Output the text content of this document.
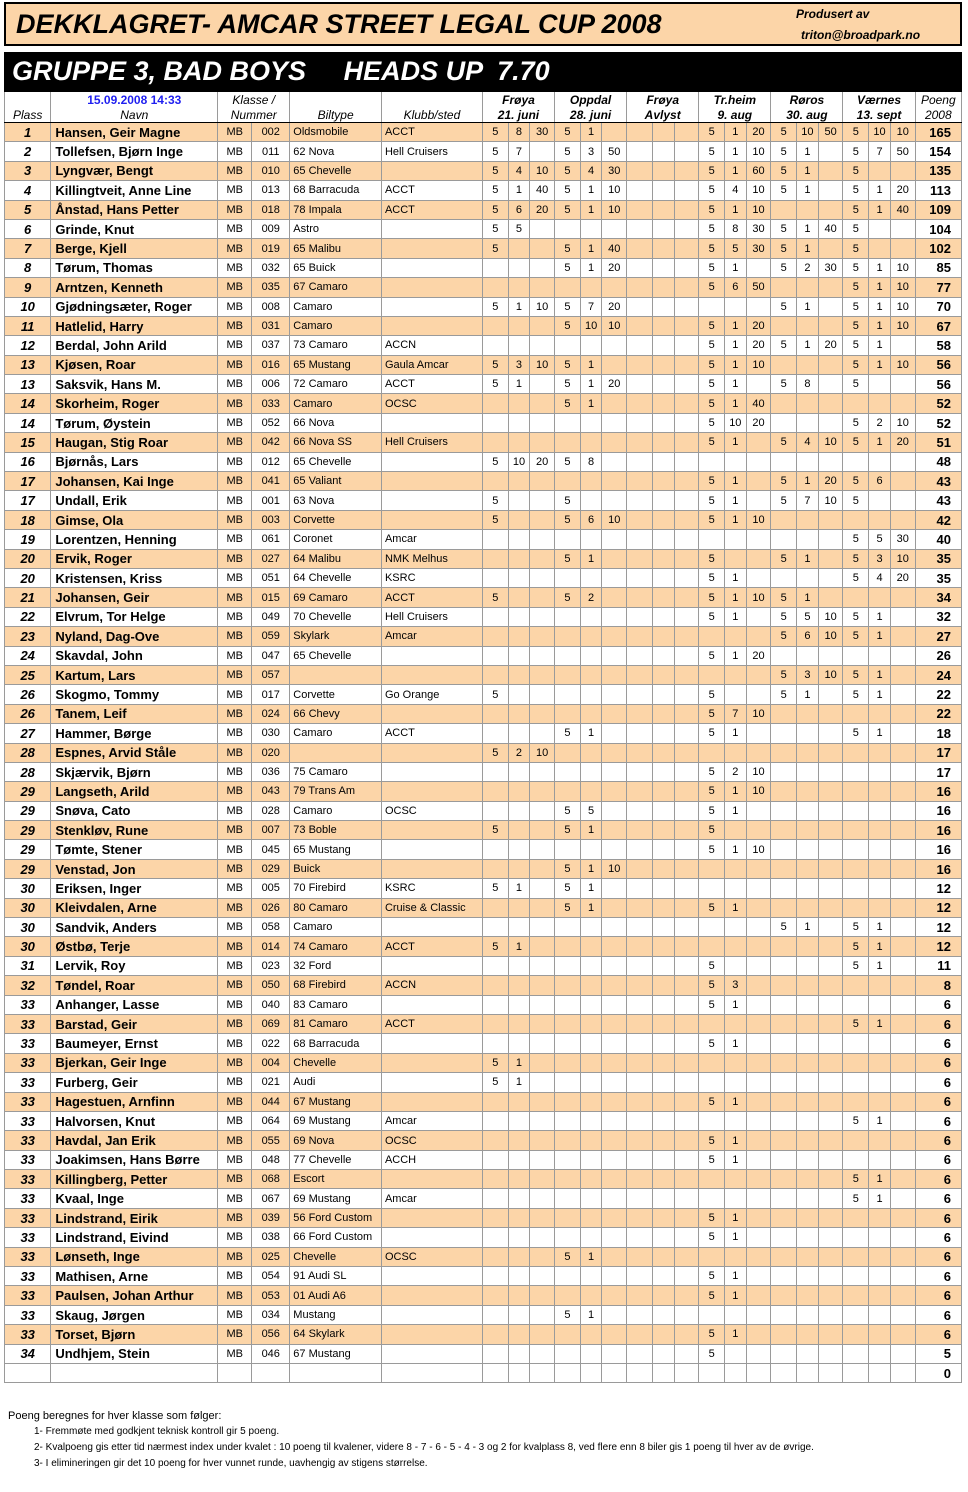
DEKKLAGRET- AMCAR STREET LEGAL CUP 2008	Produsert av
triton@broadpark.no
GRUPPE 3, BAD BOYS     HEADS UP  7.70
	15.09.2008 14:33	Klasse /				Frøya			Oppdal			Frøya			Tr.heim			Røros			Værnes			Poeng
Plass	Navn	Nummer		Biltype	Klubb/sted	21. juni			28. juni			Avlyst			9. aug			30. aug			13. sept			2008
1	Hansen, Geir Magne	MB	002	Oldsmobile	ACCT	5	8	30	5	1					5	1	20	5	10	50	5	10	10	165
2	Tollefsen, Bjørn Inge	MB	011	62 Nova	Hell Cruisers	5	7		5	3	50				5	1	10	5	1		5	7	50	154
3	Lyngvær, Bengt	MB	010	65 Chevelle		5	4	10	5	4	30				5	1	60	5	1		5			135
4	Killingtveit, Anne Line	MB	013	68 Barracuda	ACCT	5	1	40	5	1	10				5	4	10	5	1		5	1	20	113
5	Ånstad, Hans Petter	MB	018	78 Impala	ACCT	5	6	20	5	1	10				5	1	10				5	1	40	109
6	Grinde, Knut	MB	009	Astro		5	5								5	8	30	5	1	40	5			104
7	Berge, Kjell	MB	019	65 Malibu		5			5	1	40				5	5	30	5	1		5			102
8	Tørum, Thomas	MB	032	65 Buick					5	1	20				5	1		5	2	30	5	1	10	85
9	Arntzen, Kenneth	MB	035	67 Camaro											5	6	50				5	1	10	77
10	Gjødningsæter, Roger	MB	008	Camaro		5	1	10	5	7	20							5	1		5	1	10	70
11	Hatlelid, Harry	MB	031	Camaro					5	10	10				5	1	20				5	1	10	67
12	Berdal, John Arild	MB	037	73 Camaro	ACCN										5	1	20	5	1	20	5	1		58
13	Kjøsen, Roar	MB	016	65 Mustang	Gaula Amcar	5	3	10	5	1					5	1	10				5	1	10	56
13	Saksvik, Hans M.	MB	006	72 Camaro	ACCT	5	1		5	1	20				5	1		5	8		5			56
14	Skorheim, Roger	MB	033	Camaro	OCSC				5	1					5	1	40							52
14	Tørum, Øystein	MB	052	66 Nova											5	10	20				5	2	10	52
15	Haugan, Stig Roar	MB	042	66 Nova SS	Hell Cruisers										5	1		5	4	10	5	1	20	51
16	Bjørnås, Lars	MB	012	65 Chevelle		5	10	20	5	8														48
17	Johansen, Kai Inge	MB	041	65 Valiant											5	1		5	1	20	5	6		43
17	Undall, Erik	MB	001	63 Nova		5			5						5	1		5	7	10	5			43
18	Gimse, Ola	MB	003	Corvette		5			5	6	10				5	1	10							42
19	Lorentzen, Henning	MB	061	Coronet	Amcar																5	5	30	40
20	Ervik, Roger	MB	027	64 Malibu	NMK Melhus				5	1					5			5	1		5	3	10	35
20	Kristensen, Kriss	MB	051	64 Chevelle	KSRC										5	1					5	4	20	35
21	Johansen, Geir	MB	015	69 Camaro	ACCT	5			5	2					5	1	10	5	1					34
22	Elvrum, Tor Helge	MB	049	70 Chevelle	Hell Cruisers										5	1		5	5	10	5	1		32
23	Nyland, Dag-Ove	MB	059	Skylark	Amcar													5	6	10	5	1		27
24	Skavdal, John	MB	047	65 Chevelle											5	1	20							26
25	Kartum, Lars	MB	057															5	3	10	5	1		24
26	Skogmo, Tommy	MB	017	Corvette	Go Orange	5									5			5	1		5	1		22
26	Tanem, Leif	MB	024	66 Chevy											5	7	10							22
27	Hammer, Børge	MB	030	Camaro	ACCT				5	1					5	1					5	1		18
28	Espnes, Arvid Ståle	MB	020			5	2	10																17
28	Skjærvik, Bjørn	MB	036	75 Camaro											5	2	10							17
29	Langseth, Arild	MB	043	79 Trans Am											5	1	10							16
29	Snøva, Cato	MB	028	Camaro	OCSC				5	5					5	1								16
29	Stenkløv, Rune	MB	007	73 Boble		5			5	1					5									16
29	Tømte, Stener	MB	045	65 Mustang											5	1	10							16
29	Venstad, Jon	MB	029	Buick					5	1	10													16
30	Eriksen, Inger	MB	005	70 Firebird	KSRC	5	1		5	1														12
30	Kleivdalen, Arne	MB	026	80 Camaro	Cruise & Classic				5	1					5	1								12
30	Sandvik, Anders	MB	058	Camaro														5	1		5	1		12
30	Østbø, Terje	MB	014	74 Camaro	ACCT	5	1														5	1		12
31	Lervik, Roy	MB	023	32 Ford											5						5	1		11
32	Tøndel, Roar	MB	050	68 Firebird	ACCN										5	3								8
33	Anhanger, Lasse	MB	040	83 Camaro											5	1								6
33	Barstad, Geir	MB	069	81 Camaro	ACCT																5	1		6
33	Baumeyer, Ernst	MB	022	68 Barracuda											5	1								6
33	Bjerkan, Geir Inge	MB	004	Chevelle		5	1																	6
33	Furberg, Geir	MB	021	Audi		5	1																	6
33	Hagestuen, Arnfinn	MB	044	67 Mustang											5	1								6
33	Halvorsen, Knut	MB	064	69 Mustang	Amcar																5	1		6
33	Havdal, Jan Erik	MB	055	69 Nova	OCSC										5	1								6
33	Joakimsen, Hans Børre	MB	048	77 Chevelle	ACCH										5	1								6
33	Killingberg, Petter	MB	068	Escort																	5	1		6
33	Kvaal, Inge	MB	067	69 Mustang	Amcar																5	1		6
33	Lindstrand, Eirik	MB	039	56 Ford Custom											5	1								6
33	Lindstrand, Eivind	MB	038	66 Ford Custom											5	1								6
33	Lønseth, Inge	MB	025	Chevelle	OCSC				5	1														6
33	Mathisen, Arne	MB	054	91 Audi SL											5	1								6
33	Paulsen, Johan Arthur	MB	053	01 Audi A6											5	1								6
33	Skaug, Jørgen	MB	034	Mustang					5	1														6
33	Torset, Bjørn	MB	056	64 Skylark											5	1								6
34	Undhjem, Stein	MB	046	67 Mustang											5									5
																								0
Poeng beregnes for hver klasse som følger:
1- Fremmøte med godkjent teknisk kontroll gir 5 poeng.
2- Kvalpoeng gis etter tid nærmest index under kvalet : 10 poeng til kvalener, videre 8 - 7 - 6 - 5 - 4 - 3 og 2 for kvalplass 8, ved flere enn 8 biler gis 1 poeng til hver av de øvrige.
3- I elimineringen gir det 10 poeng for hver vunnet runde, uavhengig av stigens størrelse.
